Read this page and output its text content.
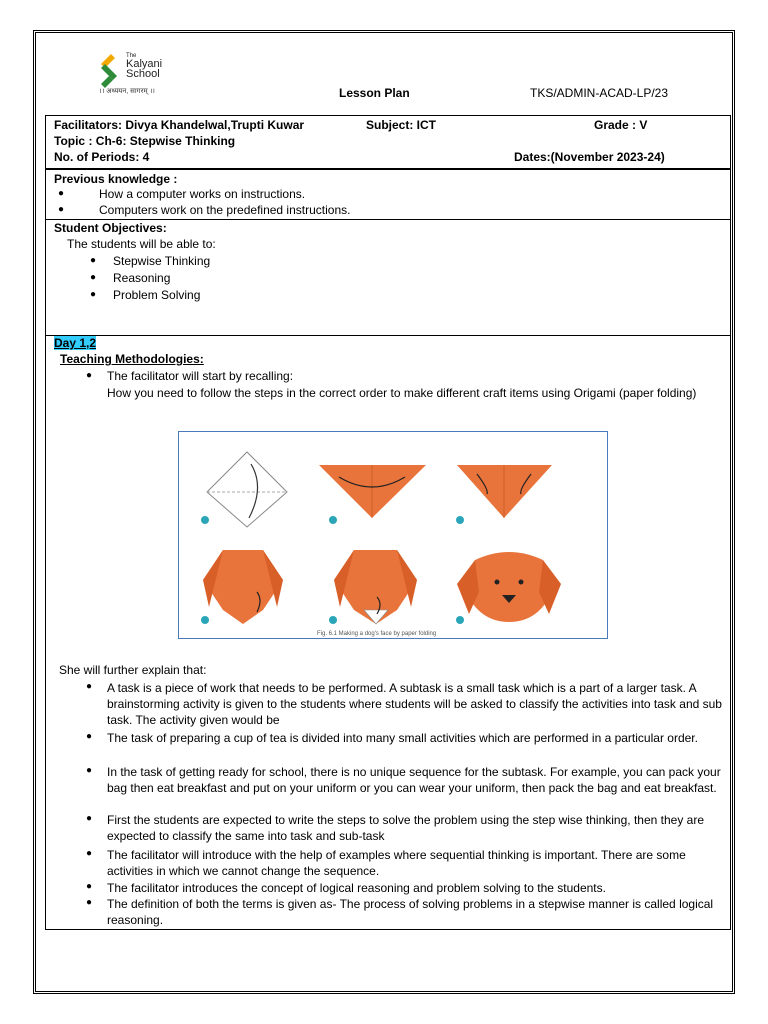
The
Kalyani
School
।। अध्ययन, सागरम् ।।	Lesson Plan	TKS/ADMIN-ACAD-LP/23
Facilitators: Divya Khandelwal,Trupti Kuwar	Subject: ICT	Grade : V
Topic : Ch-6: Stepwise Thinking
No. of Periods: 4	Dates:(November 2023-24)
Previous knowledge :
●	How a computer works on instructions.
●	Computers work on the predefined instructions.
Student Objectives:
The students will be able to:
● Stepwise Thinking
● Reasoning
● Problem Solving
Day 1,2
Teaching Methodologies:
● The facilitator will start by recalling:
How you need to follow the steps in the correct order to make different craft items using Origami (paper folding)
Fig. 6.1 Making a dog's face by paper folding
She will further explain that:
● A task is a piece of work that needs to be performed. A subtask is a small task which is a part of a larger task. A brainstorming activity is given to the students where students will be asked to classify the activities into task and sub task. The activity given would be
● The task of preparing a cup of tea is divided into many small activities which are performed in a particular order.
● In the task of getting ready for school, there is no unique sequence for the subtask. For example, you can pack your bag then eat breakfast and put on your uniform or you can wear your uniform, then pack the bag and eat breakfast.
● First the students are expected to write the steps to solve the problem using the step wise thinking, then they are expected to classify the same into task and sub-task
● The facilitator will introduce with the help of examples where sequential thinking is important. There are some activities in which we cannot change the sequence.
● The facilitator introduces the concept of logical reasoning and problem solving to the students.
● The definition of both the terms is given as- The process of solving problems in a stepwise manner is called logical reasoning.
